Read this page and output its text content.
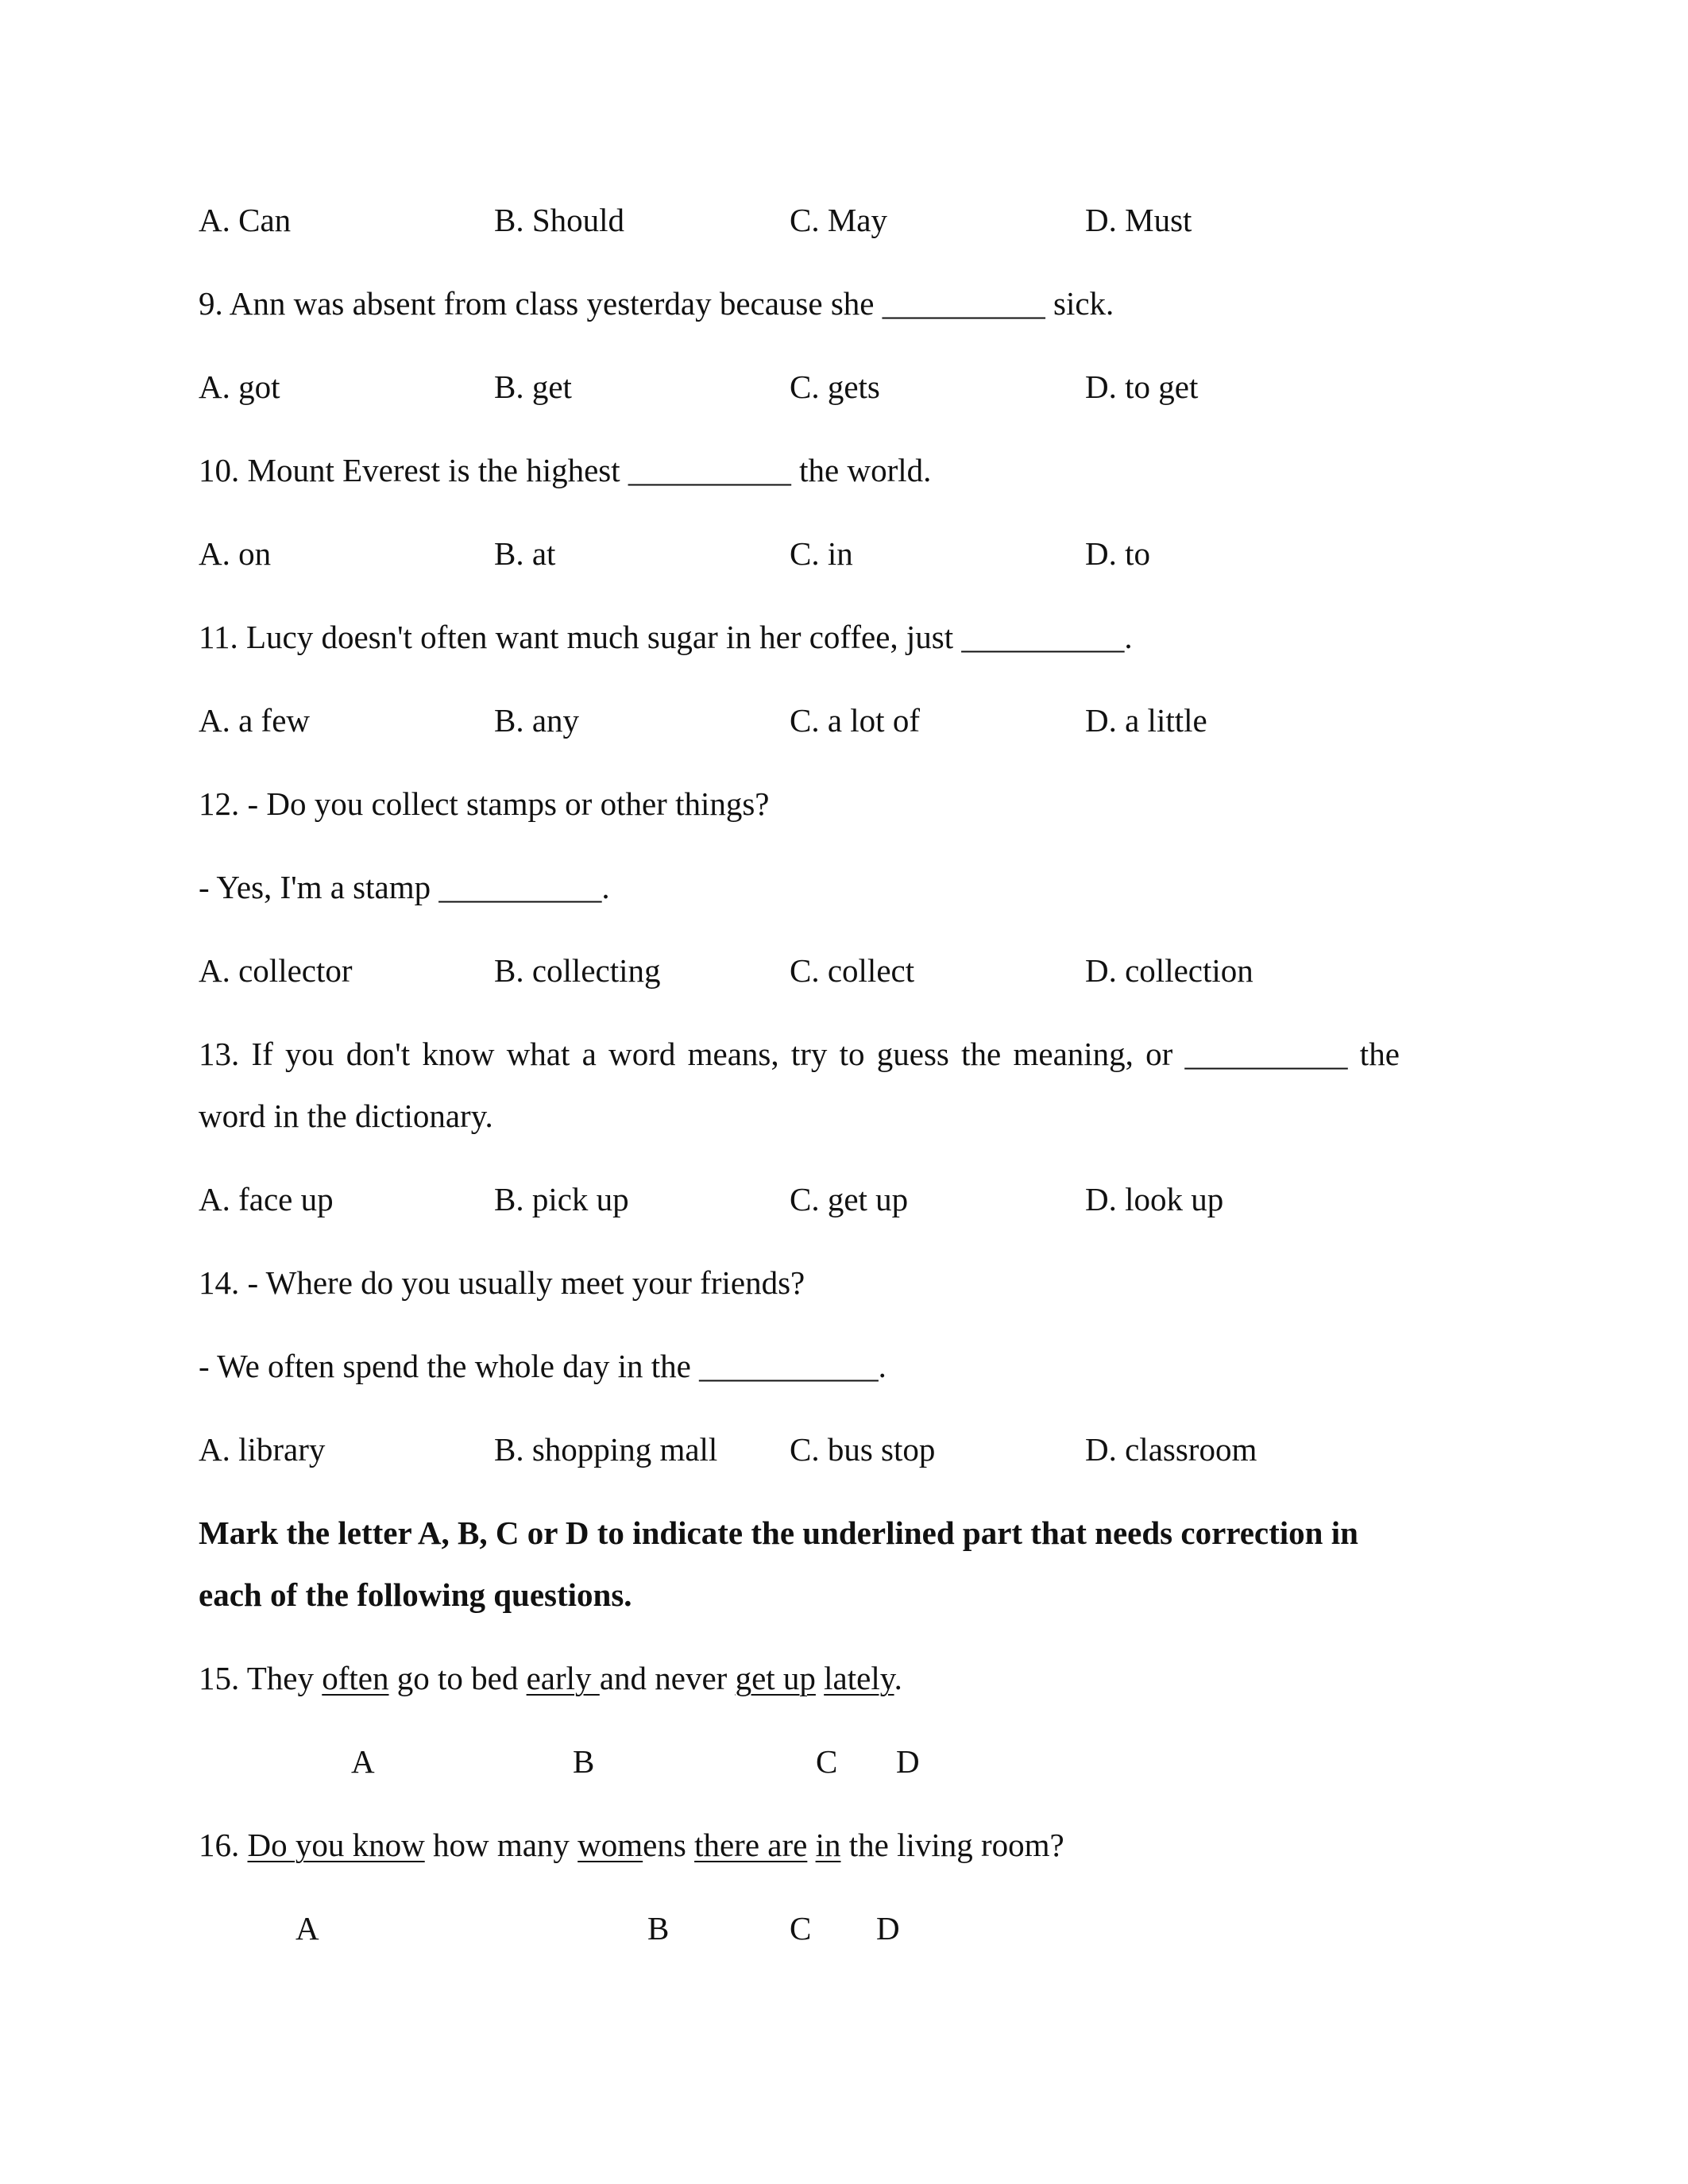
A. Can	B. Should	C. May	D. Must
9. Ann was absent from class yesterday because she __________ sick.
A. got	B. get	C. gets	D. to get
10. Mount Everest is the highest __________ the world.
A. on	B. at	C. in	D. to
11. Lucy doesn't often want much sugar in her coffee, just __________.
A. a few	B. any	C. a lot of	D. a little
12. - Do you collect stamps or other things?
- Yes, I'm a stamp __________.
A. collector	B. collecting	C. collect	D. collection
13. If you don't know what a word means, try to guess the meaning, or __________ the
word in the dictionary.
A. face up	B. pick up	C. get up	D. look up
14. - Where do you usually meet your friends?
- We often spend the whole day in the ___________.
A. library	B. shopping mall C. bus stop	D. classroom
Mark the letter A, B, C or D to indicate the underlined part that needs correction in
each of the following questions.
15. They often go to bed early and never get up lately.
A	B	C D
16. Do you know how many womens there are in the living room?
A	B	C D
